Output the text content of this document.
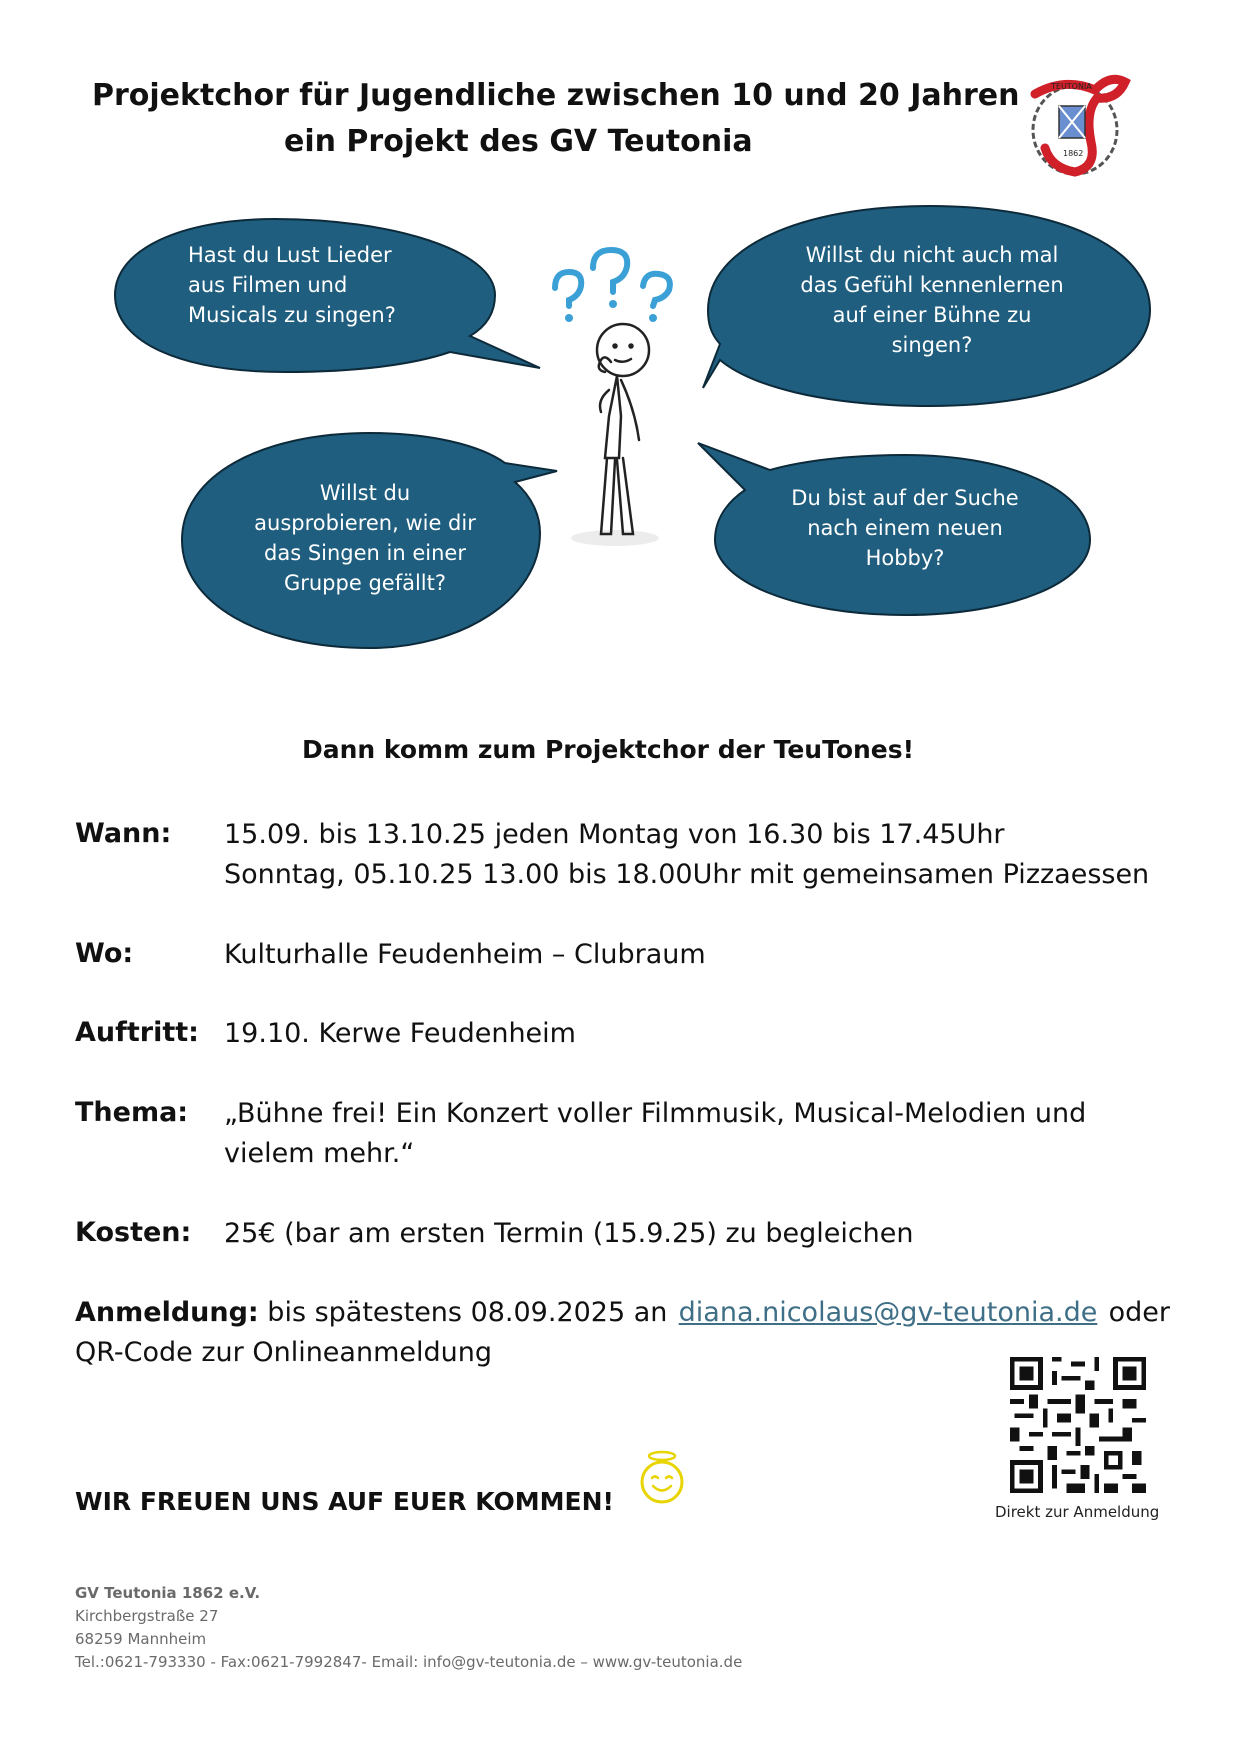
Projektchor für Jugendliche zwischen 10 und 20 Jahren
ein Projekt des GV Teutonia
TEUTONIA
1862
Hast du Lust Lieder
aus Filmen und
Musicals zu singen?
Willst du nicht auch mal
das Gefühl kennenlernen
auf einer Bühne zu
singen?
Willst du
ausprobieren, wie dir
das Singen in einer
Gruppe gefällt?
Du bist auf der Suche
nach einem neuen
Hobby?
Dann komm zum Projektchor der TeuTones!
Wann: 15.09. bis 13.10.25 jeden Montag von 16.30 bis 17.45Uhr
Sonntag, 05.10.25 13.00 bis 18.00Uhr mit gemeinsamen Pizzaessen
Wo:	Kulturhalle Feudenheim – Clubraum
Auftritt: 19.10. Kerwe Feudenheim
Thema: „Bühne frei! Ein Konzert voller Filmmusik, Musical-Melodien und
vielem mehr.“
Kosten: 25€ (bar am ersten Termin (15.9.25) zu begleichen
Anmeldung: bis spätestens 08.09.2025 an diana.nicolaus@gv-teutonia.de oder
QR-Code zur Onlineanmeldung
Direkt zur Anmeldung
WIR FREUEN UNS AUF EUER KOMMEN!
GV Teutonia 1862 e.V.
Kirchbergstraße 27
68259 Mannheim
Tel.:0621-793330 - Fax:0621-7992847- Email: info@gv-teutonia.de – www.gv-teutonia.de
